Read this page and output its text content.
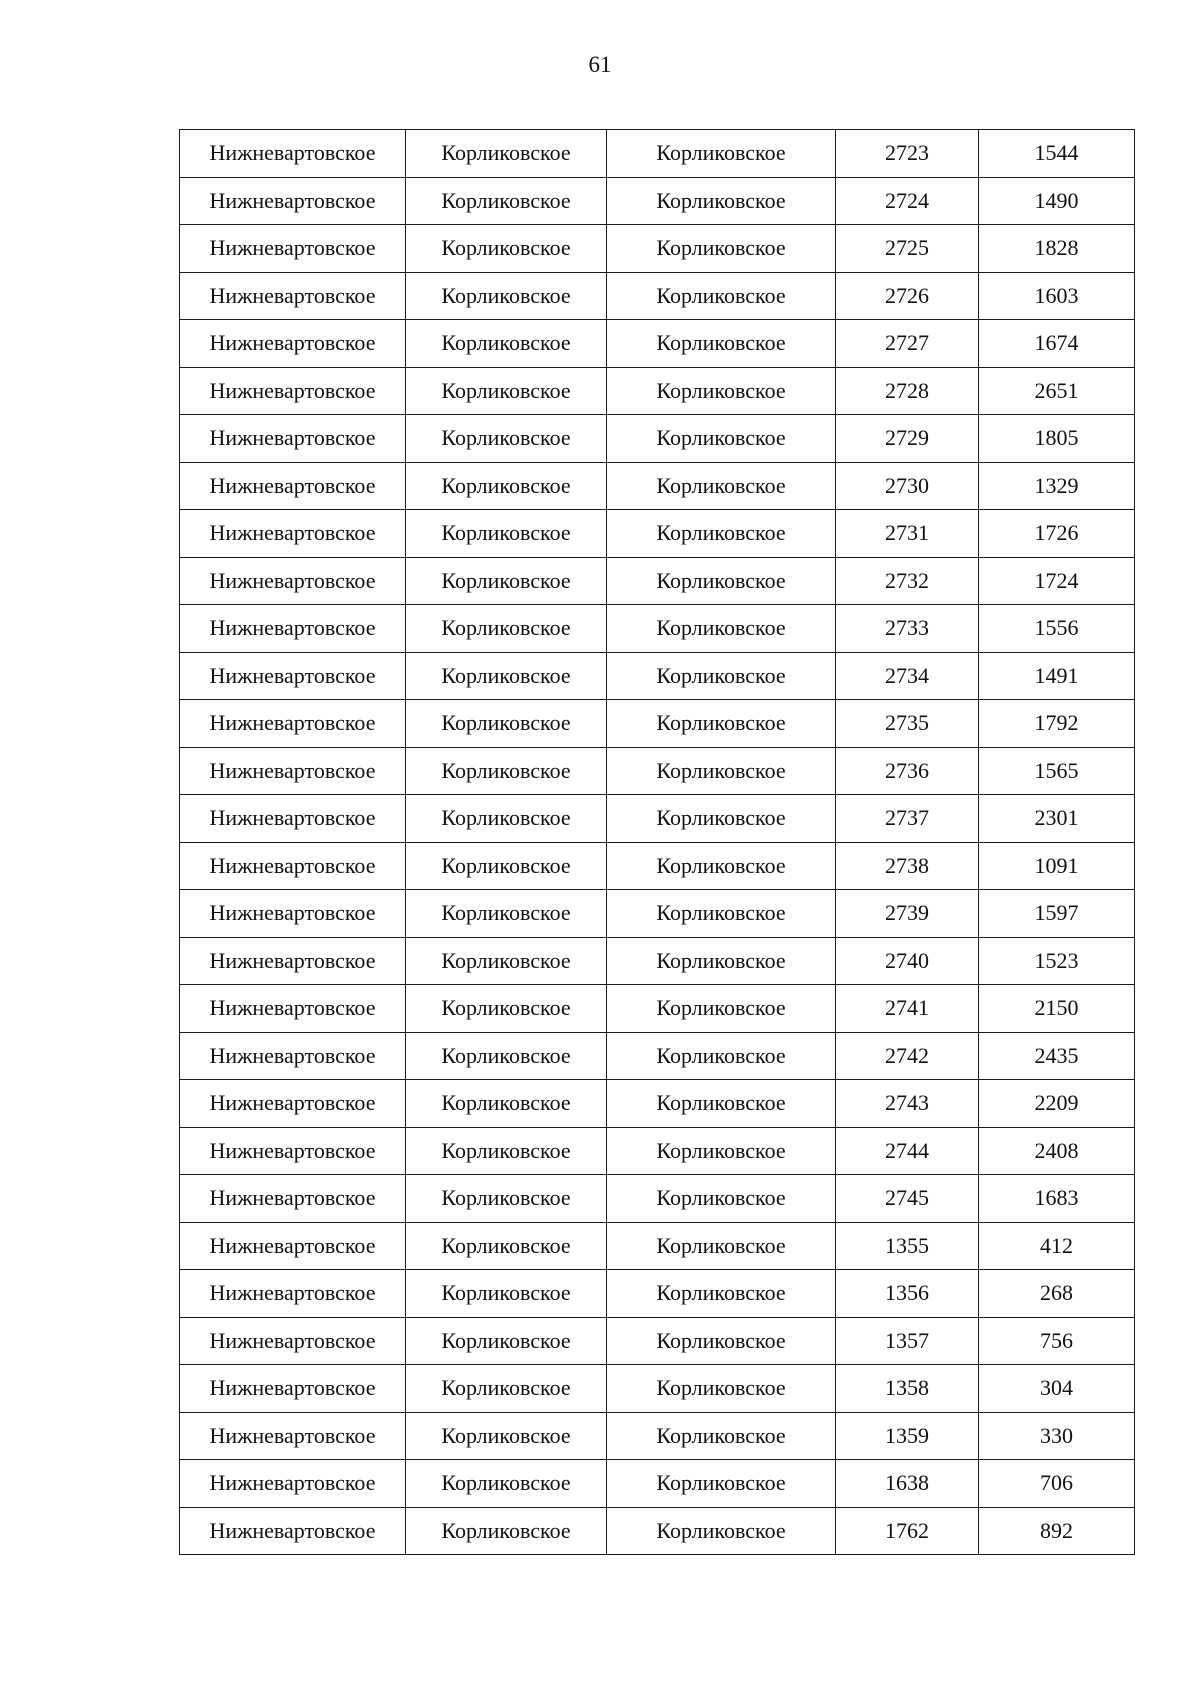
61
Нижневартовское	Корликовское	Корликовское	2723	1544
Нижневартовское	Корликовское	Корликовское	2724	1490
Нижневартовское	Корликовское	Корликовское	2725	1828
Нижневартовское	Корликовское	Корликовское	2726	1603
Нижневартовское	Корликовское	Корликовское	2727	1674
Нижневартовское	Корликовское	Корликовское	2728	2651
Нижневартовское	Корликовское	Корликовское	2729	1805
Нижневартовское	Корликовское	Корликовское	2730	1329
Нижневартовское	Корликовское	Корликовское	2731	1726
Нижневартовское	Корликовское	Корликовское	2732	1724
Нижневартовское	Корликовское	Корликовское	2733	1556
Нижневартовское	Корликовское	Корликовское	2734	1491
Нижневартовское	Корликовское	Корликовское	2735	1792
Нижневартовское	Корликовское	Корликовское	2736	1565
Нижневартовское	Корликовское	Корликовское	2737	2301
Нижневартовское	Корликовское	Корликовское	2738	1091
Нижневартовское	Корликовское	Корликовское	2739	1597
Нижневартовское	Корликовское	Корликовское	2740	1523
Нижневартовское	Корликовское	Корликовское	2741	2150
Нижневартовское	Корликовское	Корликовское	2742	2435
Нижневартовское	Корликовское	Корликовское	2743	2209
Нижневартовское	Корликовское	Корликовское	2744	2408
Нижневартовское	Корликовское	Корликовское	2745	1683
Нижневартовское	Корликовское	Корликовское	1355	412
Нижневартовское	Корликовское	Корликовское	1356	268
Нижневартовское	Корликовское	Корликовское	1357	756
Нижневартовское	Корликовское	Корликовское	1358	304
Нижневартовское	Корликовское	Корликовское	1359	330
Нижневартовское	Корликовское	Корликовское	1638	706
Нижневартовское	Корликовское	Корликовское	1762	892
